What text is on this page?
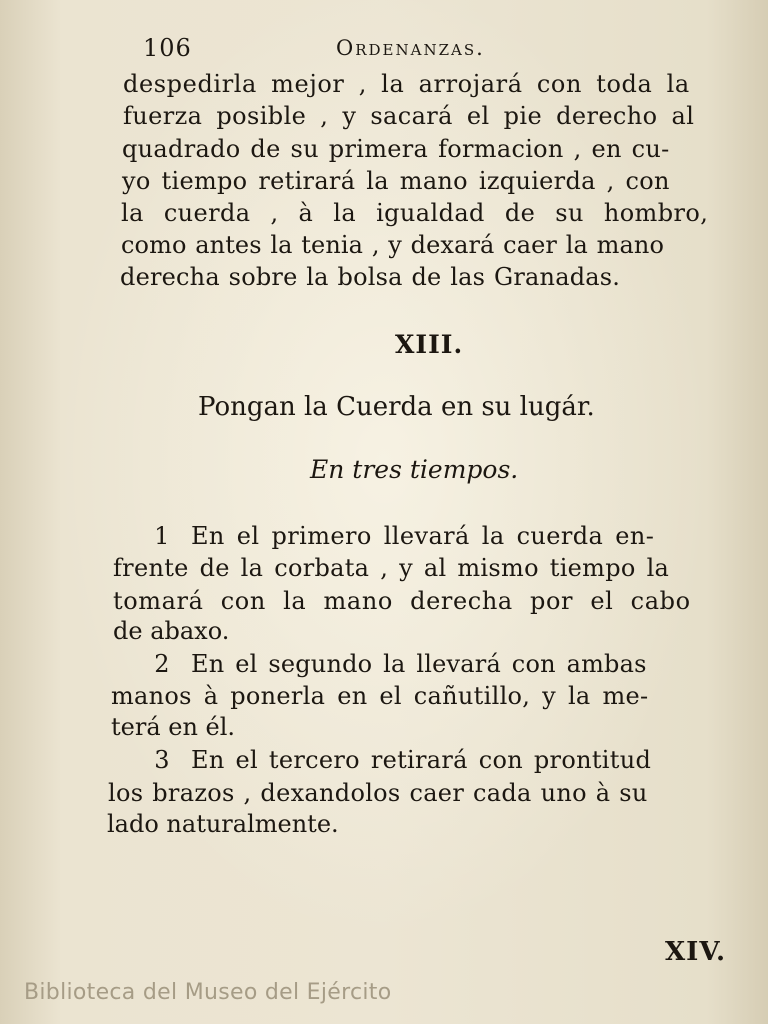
106	Ordenanzas.
despedirla mejor , la arrojará con toda la
fuerza posible , y sacará el pie derecho al
quadrado de su primera formacion , en cu-
yo tiempo retirará la mano izquierda , con
la cuerda , à la igualdad de su hombro,
como antes la tenia , y dexará caer la mano
derecha sobre la bolsa de las Granadas.
XIII.
Pongan la Cuerda en su lugár.
En tres tiempos.
1 En el primero llevará la cuerda en-
frente de la corbata , y al mismo tiempo la
tomará con la mano derecha por el cabo
de abaxo.
2 En el segundo la llevará con ambas
manos à ponerla en el cañutillo, y la me-
terá en él.
3 En el tercero retirará con prontitud
los brazos , dexandolos caer cada uno à su
lado naturalmente.
XIV.
Biblioteca del Museo del Ejército
